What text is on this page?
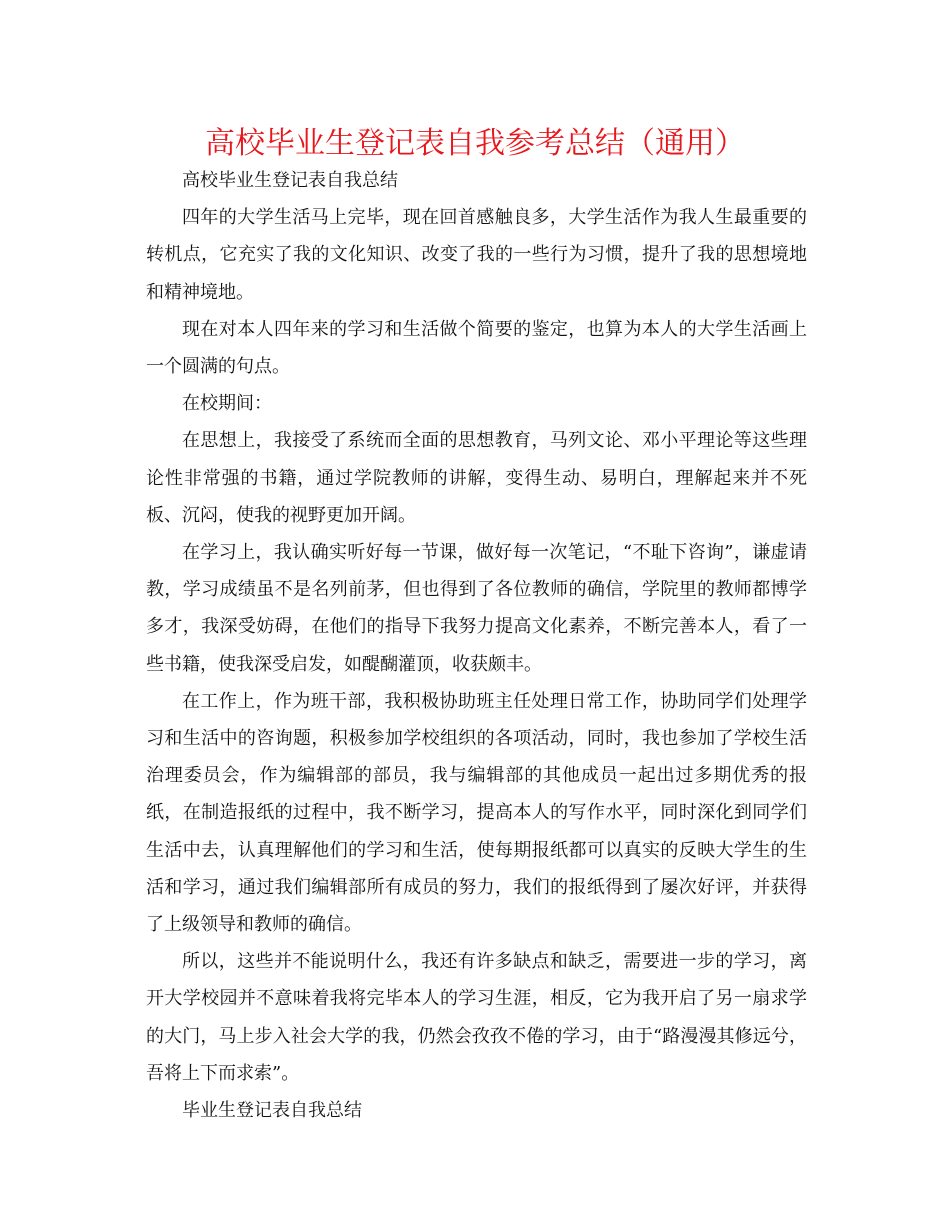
高校毕业生登记表自我参考总结（通用）

高校毕业生登记表自我总结

四年的大学生活马上完毕，现在回首感触良多，大学生活作为我人生最重要的转机点，它充实了我的文化知识、改变了我的一些行为习惯，提升了我的思想境地和精神境地。

现在对本人四年来的学习和生活做个简要的鉴定，也算为本人的大学生活画上一个圆满的句点。

在校期间：

在思想上，我接受了系统而全面的思想教育，马列文论、邓小平理论等这些理论性非常强的书籍，通过学院教师的讲解，变得生动、易明白，理解起来并不死板、沉闷，使我的视野更加开阔。

在学习上，我认确实听好每一节课，做好每一次笔记，“不耻下咨询”，谦虚请教，学习成绩虽不是名列前茅，但也得到了各位教师的确信，学院里的教师都博学多才，我深受妨碍，在他们的指导下我努力提高文化素养，不断完善本人，看了一些书籍，使我深受启发，如醍醐灌顶，收获颇丰。

在工作上，作为班干部，我积极协助班主任处理日常工作，协助同学们处理学习和生活中的咨询题，积极参加学校组织的各项活动，同时，我也参加了学校生活治理委员会，作为编辑部的部员，我与编辑部的其他成员一起出过多期优秀的报纸，在制造报纸的过程中，我不断学习，提高本人的写作水平，同时深化到同学们生活中去，认真理解他们的学习和生活，使每期报纸都可以真实的反映大学生的生活和学习，通过我们编辑部所有成员的努力，我们的报纸得到了屡次好评，并获得了上级领导和教师的确信。

所以，这些并不能说明什么，我还有许多缺点和缺乏，需要进一步的学习，离开大学校园并不意味着我将完毕本人的学习生涯，相反，它为我开启了另一扇求学的大门，马上步入社会大学的我，仍然会孜孜不倦的学习，由于“路漫漫其修远兮，吾将上下而求索”。

毕业生登记表自我总结
